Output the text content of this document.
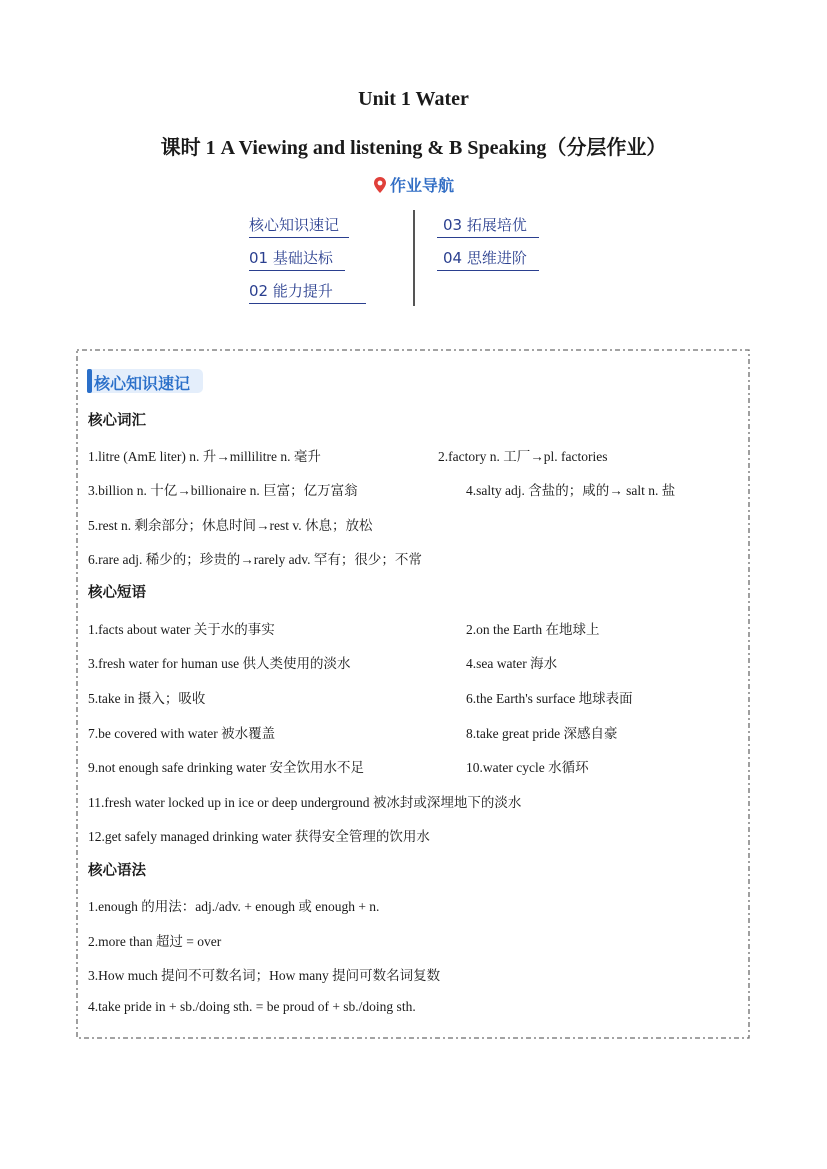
Unit 1 Water
课时 1 A Viewing and listening & B Speaking（分层作业）
作业导航
核心知识速记
01 基础达标
02 能力提升
03 拓展培优
04 思维进阶
核心知识速记
核心词汇
1.litre (AmE liter) n. 升→millilitre n. 毫升	2.factory n. 工厂→pl. factories
3.billion n. 十亿→billionaire n. 巨富；亿万富翁	4.salty adj. 含盐的；咸的→ salt n. 盐
5.rest n. 剩余部分；休息时间→rest v. 休息；放松
6.rare adj. 稀少的；珍贵的→rarely adv. 罕有；很少；不常
核心短语
1.facts about water 关于水的事实	2.on the Earth 在地球上
3.fresh water for human use 供人类使用的淡水	4.sea water 海水
5.take in 摄入；吸收	6.the Earth's surface 地球表面
7.be covered with water 被水覆盖	8.take great pride 深感自豪
9.not enough safe drinking water 安全饮用水不足	10.water cycle 水循环
11.fresh water locked up in ice or deep underground 被冰封或深埋地下的淡水
12.get safely managed drinking water 获得安全管理的饮用水
核心语法
1.enough 的用法：adj./adv. + enough 或 enough + n.
2.more than 超过 = over
3.How much 提问不可数名词；How many 提问可数名词复数
4.take pride in + sb./doing sth. = be proud of + sb./doing sth.
